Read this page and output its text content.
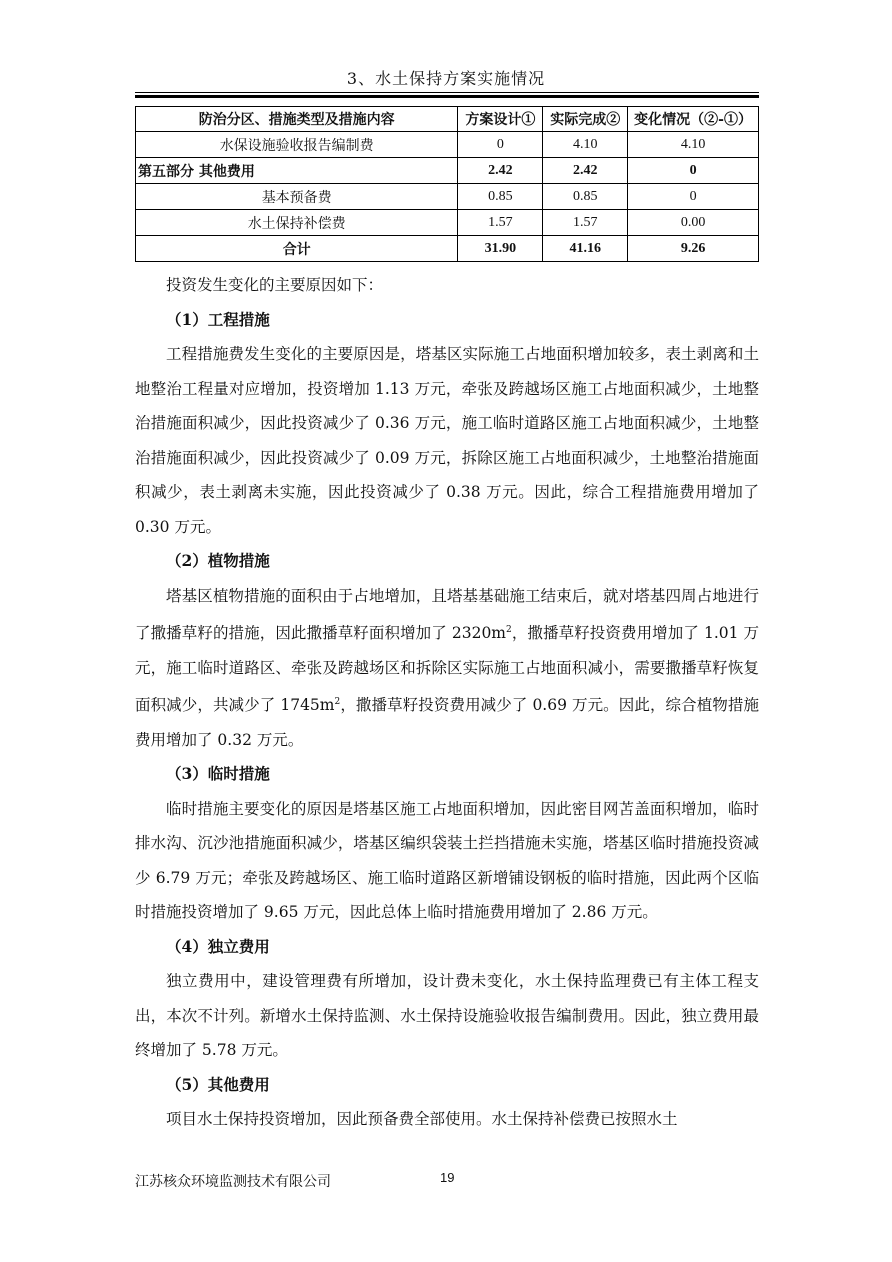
3、水土保持方案实施情况
防治分区、措施类型及措施内容	方案设计①	实际完成②	变化情况（②-①）
水保设施验收报告编制费	0	4.10	4.10
第五部分 其他费用	2.42	2.42	0
基本预备费	0.85	0.85	0
水土保持补偿费	1.57	1.57	0.00
合计	31.90	41.16	9.26

投资发生变化的主要原因如下：

（1）工程措施

工程措施费发生变化的主要原因是，塔基区实际施工占地面积增加较多，表土剥离和土地整治工程量对应增加，投资增加 1.13 万元，牵张及跨越场区施工占地面积减少，土地整治措施面积减少，因此投资减少了 0.36 万元，施工临时道路区施工占地面积减少，土地整治措施面积减少，因此投资减少了 0.09 万元，拆除区施工占地面积减少，土地整治措施面积减少，表土剥离未实施，因此投资减少了 0.38 万元。因此，综合工程措施费用增加了 0.30 万元。

（2）植物措施

塔基区植物措施的面积由于占地增加，且塔基基础施工结束后，就对塔基四周占地进行了撒播草籽的措施，因此撒播草籽面积增加了 $2320m^2$，撒播草籽投资费用增加了 1.01 万元，施工临时道路区、牵张及跨越场区和拆除区实际施工占地面积减小，需要撒播草籽恢复面积减少，共减少了 $1745m^2$，撒播草籽投资费用减少了 0.69 万元。因此，综合植物措施费用增加了 0.32 万元。

（3）临时措施

临时措施主要变化的原因是塔基区施工占地面积增加，因此密目网苫盖面积增加，临时排水沟、沉沙池措施面积减少，塔基区编织袋装土拦挡措施未实施，塔基区临时措施投资减少 6.79 万元；牵张及跨越场区、施工临时道路区新增铺设钢板的临时措施，因此两个区临时措施投资增加了 9.65 万元，因此总体上临时措施费用增加了 2.86 万元。

（4）独立费用

独立费用中，建设管理费有所增加，设计费未变化，水土保持监理费已有主体工程支出，本次不计列。新增水土保持监测、水土保持设施验收报告编制费用。因此，独立费用最终增加了 5.78 万元。

（5）其他费用

项目水土保持投资增加，因此预备费全部使用。水土保持补偿费已按照水土

江苏核众环境监测技术有限公司	19
